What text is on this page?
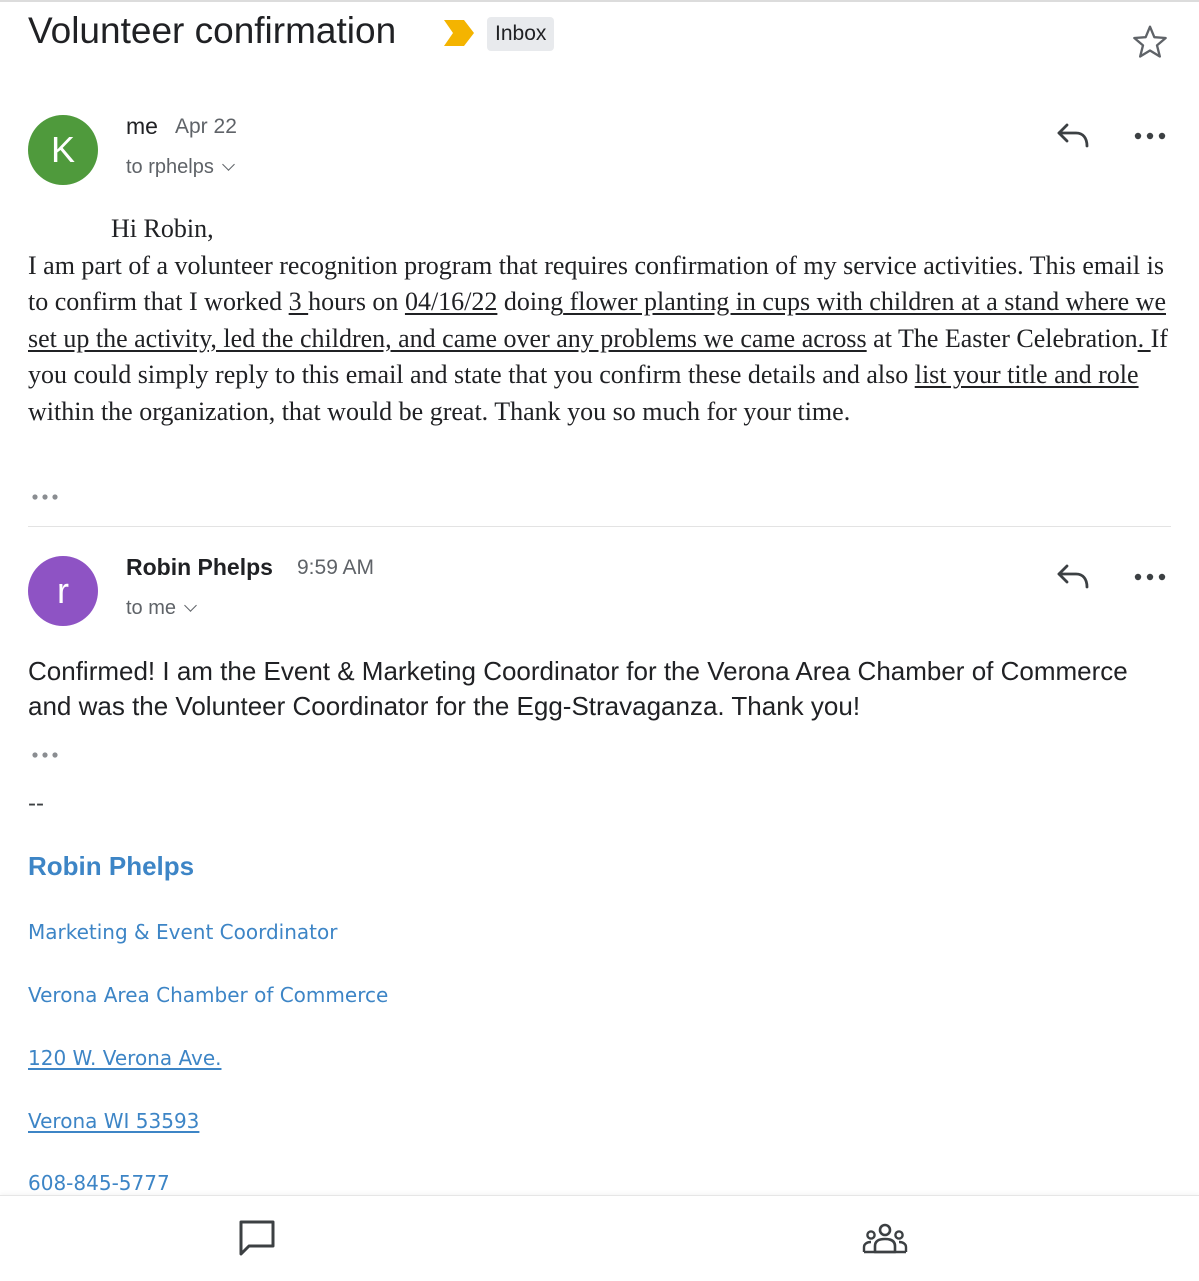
Volunteer confirmation	Inbox
K
me Apr 22
to rphelps

Hi Robin,

I am part of a volunteer recognition program that requires confirmation of my service activities. This email is to confirm that I worked 3 hours on 04/16/22 doing flower planting in cups with children at a stand where we set up the activity, led the children, and came over any problems we came across at The Easter Celebration. If you could simply reply to this email and state that you confirm these details and also list your title and role within the organization, that would be great. Thank you so much for your time.

r
Robin Phelps 9:59 AM
to me
Confirmed! I am the Event & Marketing Coordinator for the Verona Area Chamber of Commerce and was the Volunteer Coordinator for the Egg-Stravaganza. Thank you!
--
Robin Phelps
Marketing & Event Coordinator
Verona Area Chamber of Commerce
120 W. Verona Ave.
Verona WI 53593
608-845-5777
